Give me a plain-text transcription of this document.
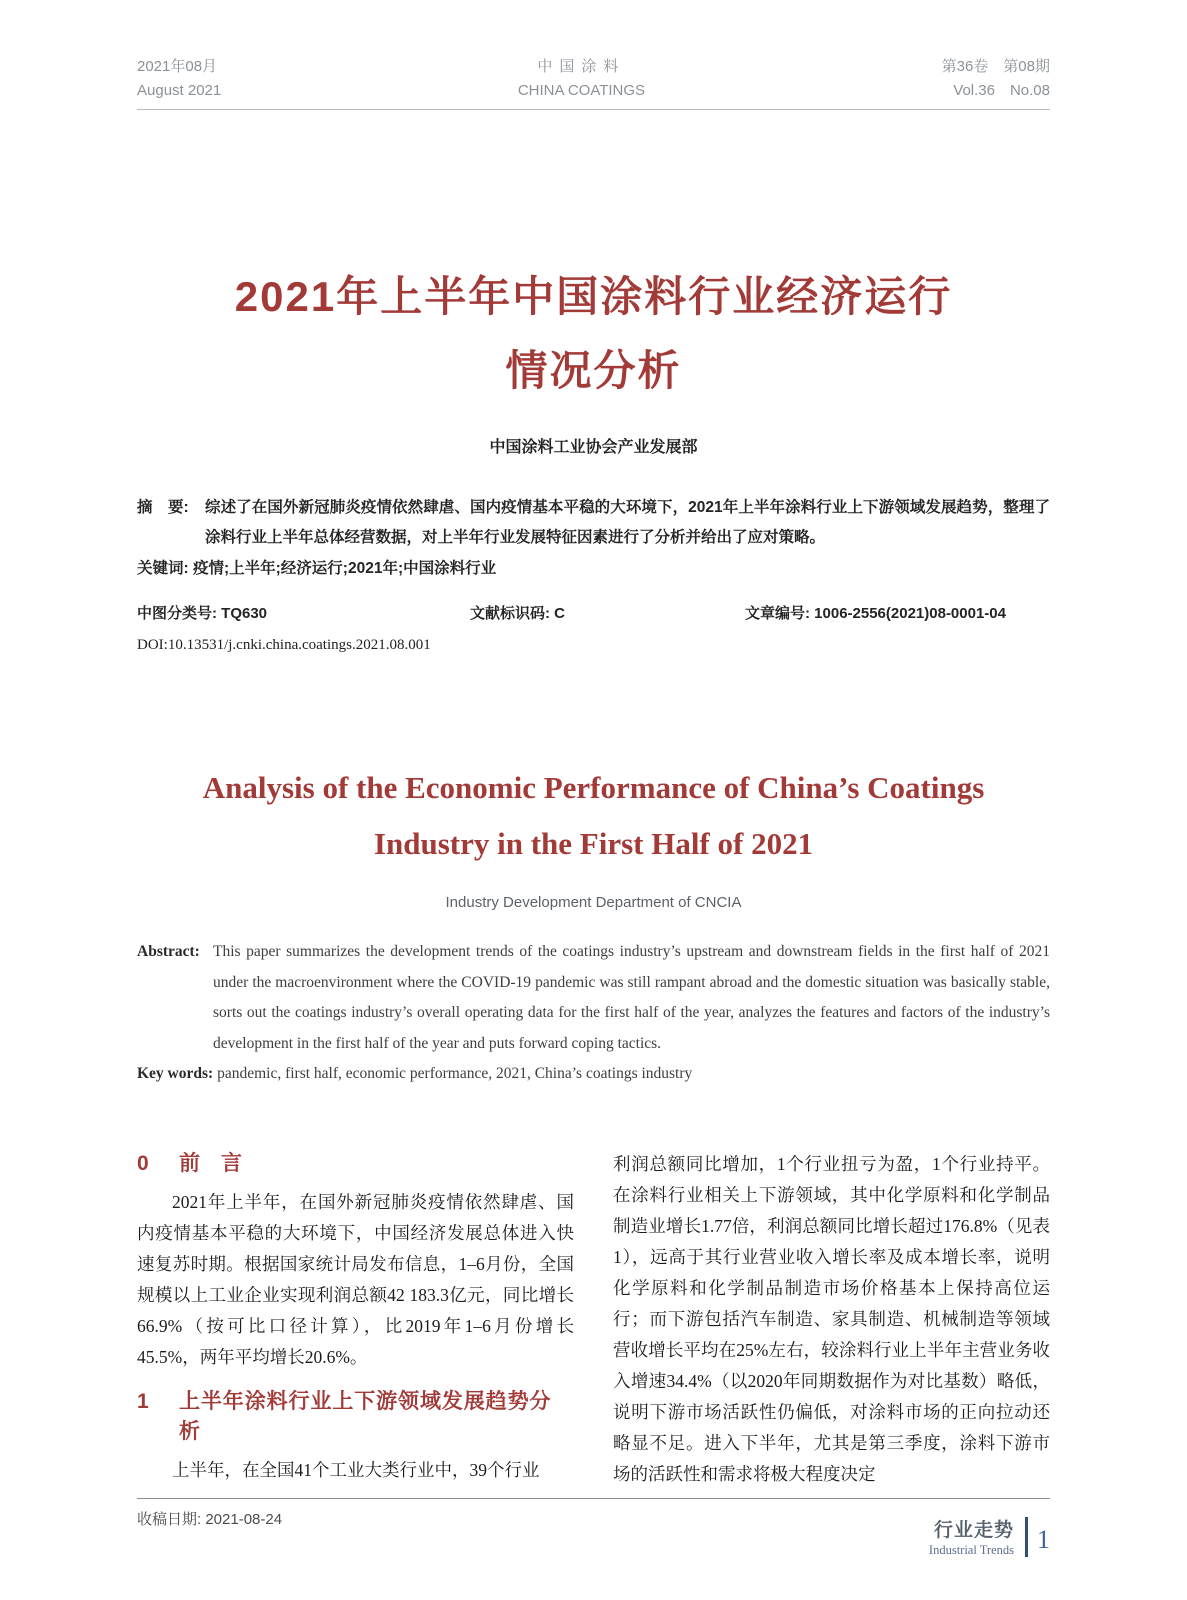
2021年08月
August 2021
中国涂料
CHINA COATINGS
第36卷　第08期
Vol.36　No.08
2021年上半年中国涂料行业经济运行
情况分析
中国涂料工业协会产业发展部
摘　要:	综述了在国外新冠肺炎疫情依然肆虐、国内疫情基本平稳的大环境下，2021年上半年涂料行业上下游领域发展趋势，整理了涂料行业上半年总体经营数据，对上半年行业发展特征因素进行了分析并给出了应对策略。
关键词: 疫情;上半年;经济运行;2021年;中国涂料行业
中图分类号: TQ630	文献标识码: C	文章编号: 1006-2556(2021)08-0001-04
DOI:10.13531/j.cnki.china.coatings.2021.08.001
Analysis of the Economic Performance of China’s Coatings
Industry in the First Half of 2021
Industry Development Department of CNCIA
Abstract: This paper summarizes the development trends of the coatings industry’s upstream and downstream fields in the first half of 2021 under the macroenvironment where the COVID-19 pandemic was still rampant abroad and the domestic situation was basically stable, sorts out the coatings industry’s overall operating data for the first half of the year, analyzes the features and factors of the industry’s development in the first half of the year and puts forward coping tactics.
Key words: pandemic, first half, economic performance, 2021, China’s coatings industry
0	前　言

2021年上半年，在国外新冠肺炎疫情依然肆虐、国内疫情基本平稳的大环境下，中国经济发展总体进入快速复苏时期。根据国家统计局发布信息，1–6月份，全国规模以上工业企业实现利润总额42 183.3亿元，同比增长66.9%（按可比口径计算），比2019年1–6月份增长45.5%，两年平均增长20.6%。

1	上半年涂料行业上下游领域发展趋势分析

上半年，在全国41个工业大类行业中，39个行业

利润总额同比增加，1个行业扭亏为盈，1个行业持平。在涂料行业相关上下游领域，其中化学原料和化学制品制造业增长1.77倍，利润总额同比增长超过176.8%（见表1），远高于其行业营业收入增长率及成本增长率，说明化学原料和化学制品制造市场价格基本上保持高位运行；而下游包括汽车制造、家具制造、机械制造等领域营收增长平均在25%左右，较涂料行业上半年主营业务收入增速34.4%（以2020年同期数据作为对比基数）略低，说明下游市场活跃性仍偏低，对涂料市场的正向拉动还略显不足。进入下半年，尤其是第三季度，涂料下游市场的活跃性和需求将极大程度决定

收稿日期: 2021-08-24
行业走势
Industrial Trends 1
